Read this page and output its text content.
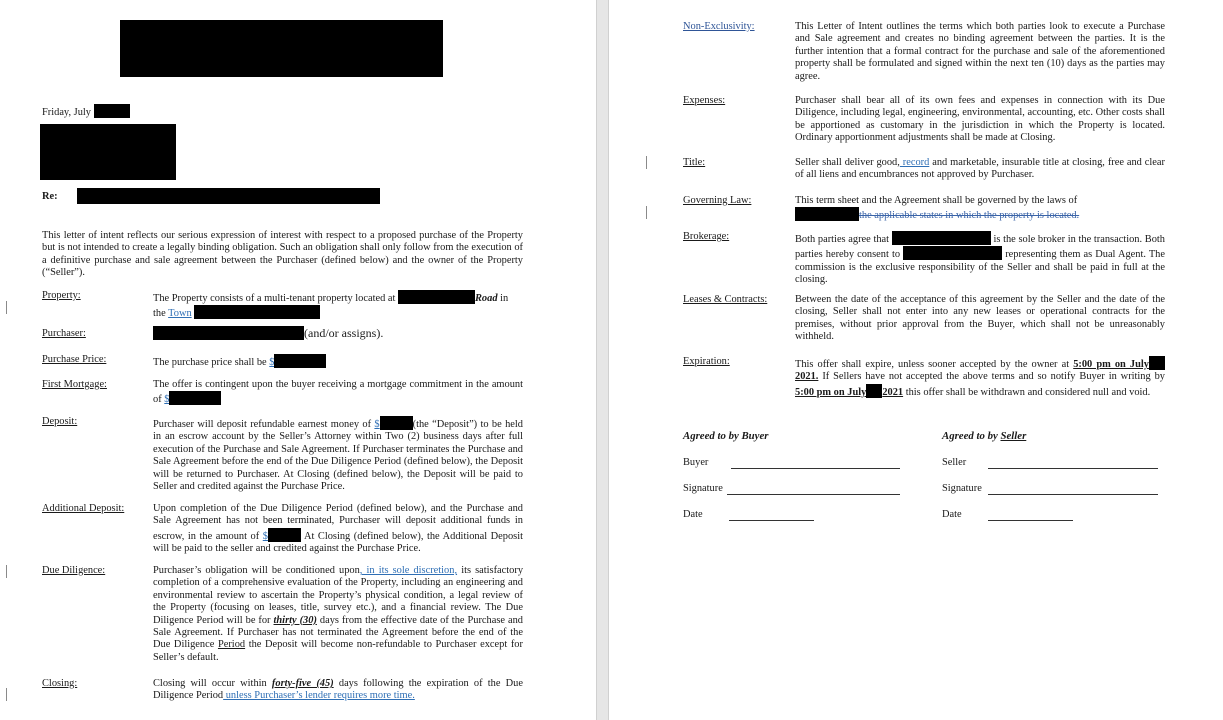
Friday, July
Re:
This letter of intent reflects our serious expression of interest with respect to a proposed purchase of the Property but is not intended to create a legally binding obligation. Such an obligation shall only follow from the execution of a definitive purchase and sale agreement between the Purchaser (defined below) and the owner of the Property (“Seller”).
Property:	The Property consists of a multi-tenant property located at	Road in
the Town
Purchaser:	(and/or assigns).
Purchase Price:	The purchase price shall be $
First Mortgage:	The offer is contingent upon the buyer receiving a mortgage commitment in the amount of $
Deposit:	Purchaser will deposit refundable earnest money of $	(the “Deposit”) to be held in an escrow account by the Seller’s Attorney within Two (2) business days after full execution of the Purchase and Sale Agreement. If Purchaser terminates the Purchase and Sale Agreement before the end of the Due Diligence Period (defined below), the Deposit will be returned to Purchaser. At Closing (defined below), the Deposit will be paid to Seller and credited against the Purchase Price.
Additional Deposit:	Upon completion of the Due Diligence Period (defined below), and the Purchase and Sale Agreement has not been terminated, Purchaser will deposit additional funds in escrow, in the amount of $	At Closing (defined below), the Additional Deposit will be paid to the seller and credited against the Purchase Price.
Due Diligence:	Purchaser’s obligation will be conditioned upon, in its sole discretion, its satisfactory completion of a comprehensive evaluation of the Property, including an engineering and environmental review to ascertain the Property’s physical condition, a legal review of the Property (focusing on leases, title, survey etc.), and a financial review. The Due Diligence Period will be for thirty (30) days from the effective date of the Purchase and Sale Agreement. If Purchaser has not terminated the Agreement before the end of the Due Diligence Period the Deposit will become non-refundable to Purchaser except for Seller’s default.
Closing:	Closing will occur within forty-five (45) days following the expiration of the Due Diligence Period unless Purchaser’s lender requires more time.
Non-Exclusivity:	This Letter of Intent outlines the terms which both parties look to execute a Purchase and Sale agreement and creates no binding agreement between the parties. It is the further intention that a formal contract for the purchase and sale of the aforementioned property shall be formulated and signed within the next ten (10) days as the parties may agree.
Expenses:	Purchaser shall bear all of its own fees and expenses in connection with its Due Diligence, including legal, engineering, environmental, accounting, etc. Other costs shall be apportioned as customary in the jurisdiction in which the Property is located. Ordinary apportionment adjustments shall be made at Closing.
Title:	Seller shall deliver good, record and marketable, insurable title at closing, free and clear of all liens and encumbrances not approved by Purchaser.
Governing Law:	This term sheet and the Agreement shall be governed by the laws of
the applicable states in which the property is located.
Brokerage:	Both parties agree that	is the sole broker in the transaction. Both parties hereby consent to	representing them as Dual Agent. The commission is the exclusive responsibility of the Seller and shall be paid in full at the closing.
Leases & Contracts:	Between the date of the acceptance of this agreement by the Seller and the date of the closing, Seller shall not enter into any new leases or operational contracts for the premises, without prior approval from the Buyer, which shall not be unreasonably withheld.
Expiration:	This offer shall expire, unless sooner accepted by the owner at 5:00 pm on July 2021. If Sellers have not accepted the above terms and so notify Buyer in writing by 5:00 pm on July 2021 this offer shall be withdrawn and considered null and void.
Agreed to by Buyer	Agreed to by Seller
Buyer
Signature
Date
Seller
Signature
Date
